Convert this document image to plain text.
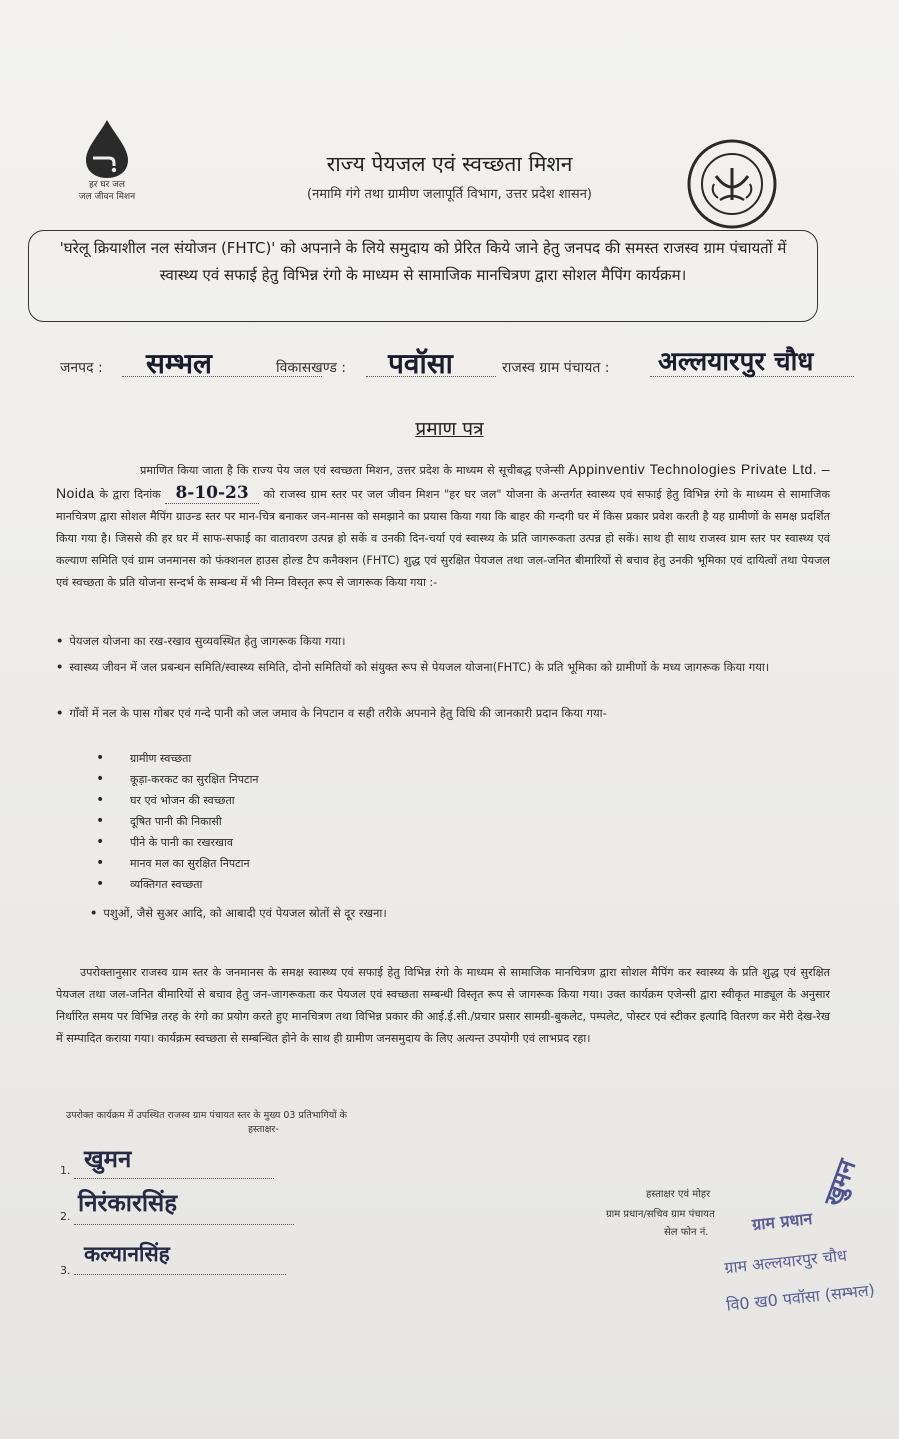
हर घर जल
जल जीवन मिशन
राज्य पेयजल एवं स्वच्छता मिशन
(नमामि गंगे तथा ग्रामीण जलापूर्ति विभाग, उत्तर प्रदेश शासन)
'घरेलू क्रियाशील नल संयोजन (FHTC)' को अपनाने के लिये समुदाय को प्रेरित किये जाने हेतु जनपद की समस्त राजस्व ग्राम पंचायतों में स्वास्थ्य एवं सफाई हेतु विभिन्न रंगो के माध्यम से सामाजिक मानचित्रण द्वारा सोशल मैपिंग कार्यक्रम।
जनपद : सम्भल	विकासखण्ड : पवॉसा	राजस्व ग्राम पंचायत : अल्लयारपुर चौध
प्रमाण पत्र
प्रमाणित किया जाता है कि राज्य पेय जल एवं स्वच्छता मिशन, उत्तर प्रदेश के माध्यम से सूचीबद्ध एजेन्सी Appinventiv Technologies Private Ltd. – Noida के द्वारा दिनांक 8-10-23 को राजस्व ग्राम स्तर पर जल जीवन मिशन "हर घर जल" योजना के अन्तर्गत स्वास्थ्य एवं सफाई हेतु विभिन्न रंगो के माध्यम से सामाजिक मानचित्रण द्वारा सोशल मैपिंग ग्राउन्ड स्तर पर मान-चित्र बनाकर जन-मानस को समझाने का प्रयास किया गया कि बाहर की गन्दगी घर में किस प्रकार प्रवेश करती है यह ग्रामीणों के समक्ष प्रदर्शित किया गया है। जिससे की हर घर में साफ-सफाई का वातावरण उत्पन्न हो सकें व उनकी दिन-चर्या एवं स्वास्थ्य के प्रति जागरूकता उत्पन्न हो सकें। साथ ही साथ राजस्व ग्राम स्तर पर स्वास्थ्य एवं कल्याण समिति एवं ग्राम जनमानस को फंक्शनल हाउस होल्ड टैप कनैक्शन (FHTC) शुद्ध एवं सुरक्षित पेयजल तथा जल-जनित बीमारियों से बचाव हेतु उनकी भूमिका एवं दायित्वों तथा पेयजल एवं स्वच्छता के प्रति योजना सन्दर्भ के सम्बन्ध में भी निम्न विस्तृत रूप से जागरूक किया गया :-
• पेयजल योजना का रख-रखाव सुव्यवस्थित हेतु जागरूक किया गया।
• स्वास्थ्य जीवन में जल प्रबन्धन समिति/स्वास्थ्य समिति, दोनो समितियों को संयुक्त रूप से पेयजल योजना(FHTC) के प्रति भूमिका को ग्रामीणों के मध्य जागरूक किया गया।
• गाँवों में नल के पास गोबर एवं गन्दे पानी को जल जमाव के निपटान व सही तरीके अपनाने हेतु विधि की जानकारी प्रदान किया गया-
• ग्रामीण स्वच्छता
• कूड़ा-करकट का सुरक्षित निपटान
• घर एवं भोजन की स्वच्छता
• दूषित पानी की निकासी
• पीने के पानी का रखरखाव
• मानव मल का सुरक्षित निपटान
• व्यक्तिगत स्वच्छता
• पशुओं, जैसे सुअर आदि, को आबादी एवं पेयजल स्रोतों से दूर रखना।
उपरोक्तानुसार राजस्व ग्राम स्तर के जनमानस के समक्ष स्वास्थ्य एवं सफाई हेतु विभिन्न रंगो के माध्यम से सामाजिक मानचित्रण द्वारा सोशल मैपिंग कर स्वास्थ्य के प्रति शुद्ध एवं सुरक्षित पेयजल तथा जल-जनित बीमारियों से बचाव हेतु जन-जागरूकता कर पेयजल एवं स्वच्छता सम्बन्धी विस्तृत रूप से जागरूक किया गया। उक्त कार्यक्रम एजेन्सी द्वारा स्वीकृत माड्यूल के अनुसार निर्धारित समय पर विभिन्न तरह के रंगो का प्रयोग करते हुए मानचित्रण तथा विभिन्न प्रकार की आई.ई.सी./प्रचार प्रसार सामग्री-बुकलेट, पम्पलेट, पोस्टर एवं स्टीकर इत्यादि वितरण कर मेरी देख-रेख में सम्पादित कराया गया। कार्यक्रम स्वच्छता से सम्बन्धित होने के साथ ही ग्रामीण जनसमुदाय के लिए अत्यन्त उपयोगी एवं लाभप्रद रहा।
उपरोक्त कार्यक्रम में उपस्थित राजस्व ग्राम पंचायत स्तर के मुख्य 03 प्रतिभागियों के
हस्ताक्षर-
1. खुमन
2. निरंकारसिंह
3.
कल्यानसिंह
हस्ताक्षर एवं मोहर
ग्राम प्रधान/सचिव ग्राम पंचायत
सेल फोन नं.	ग्राम प्रधान
ग्राम अल्लयारपुर चौध
वि0 ख0 पवॉसा (सम्भल)
खुमन
